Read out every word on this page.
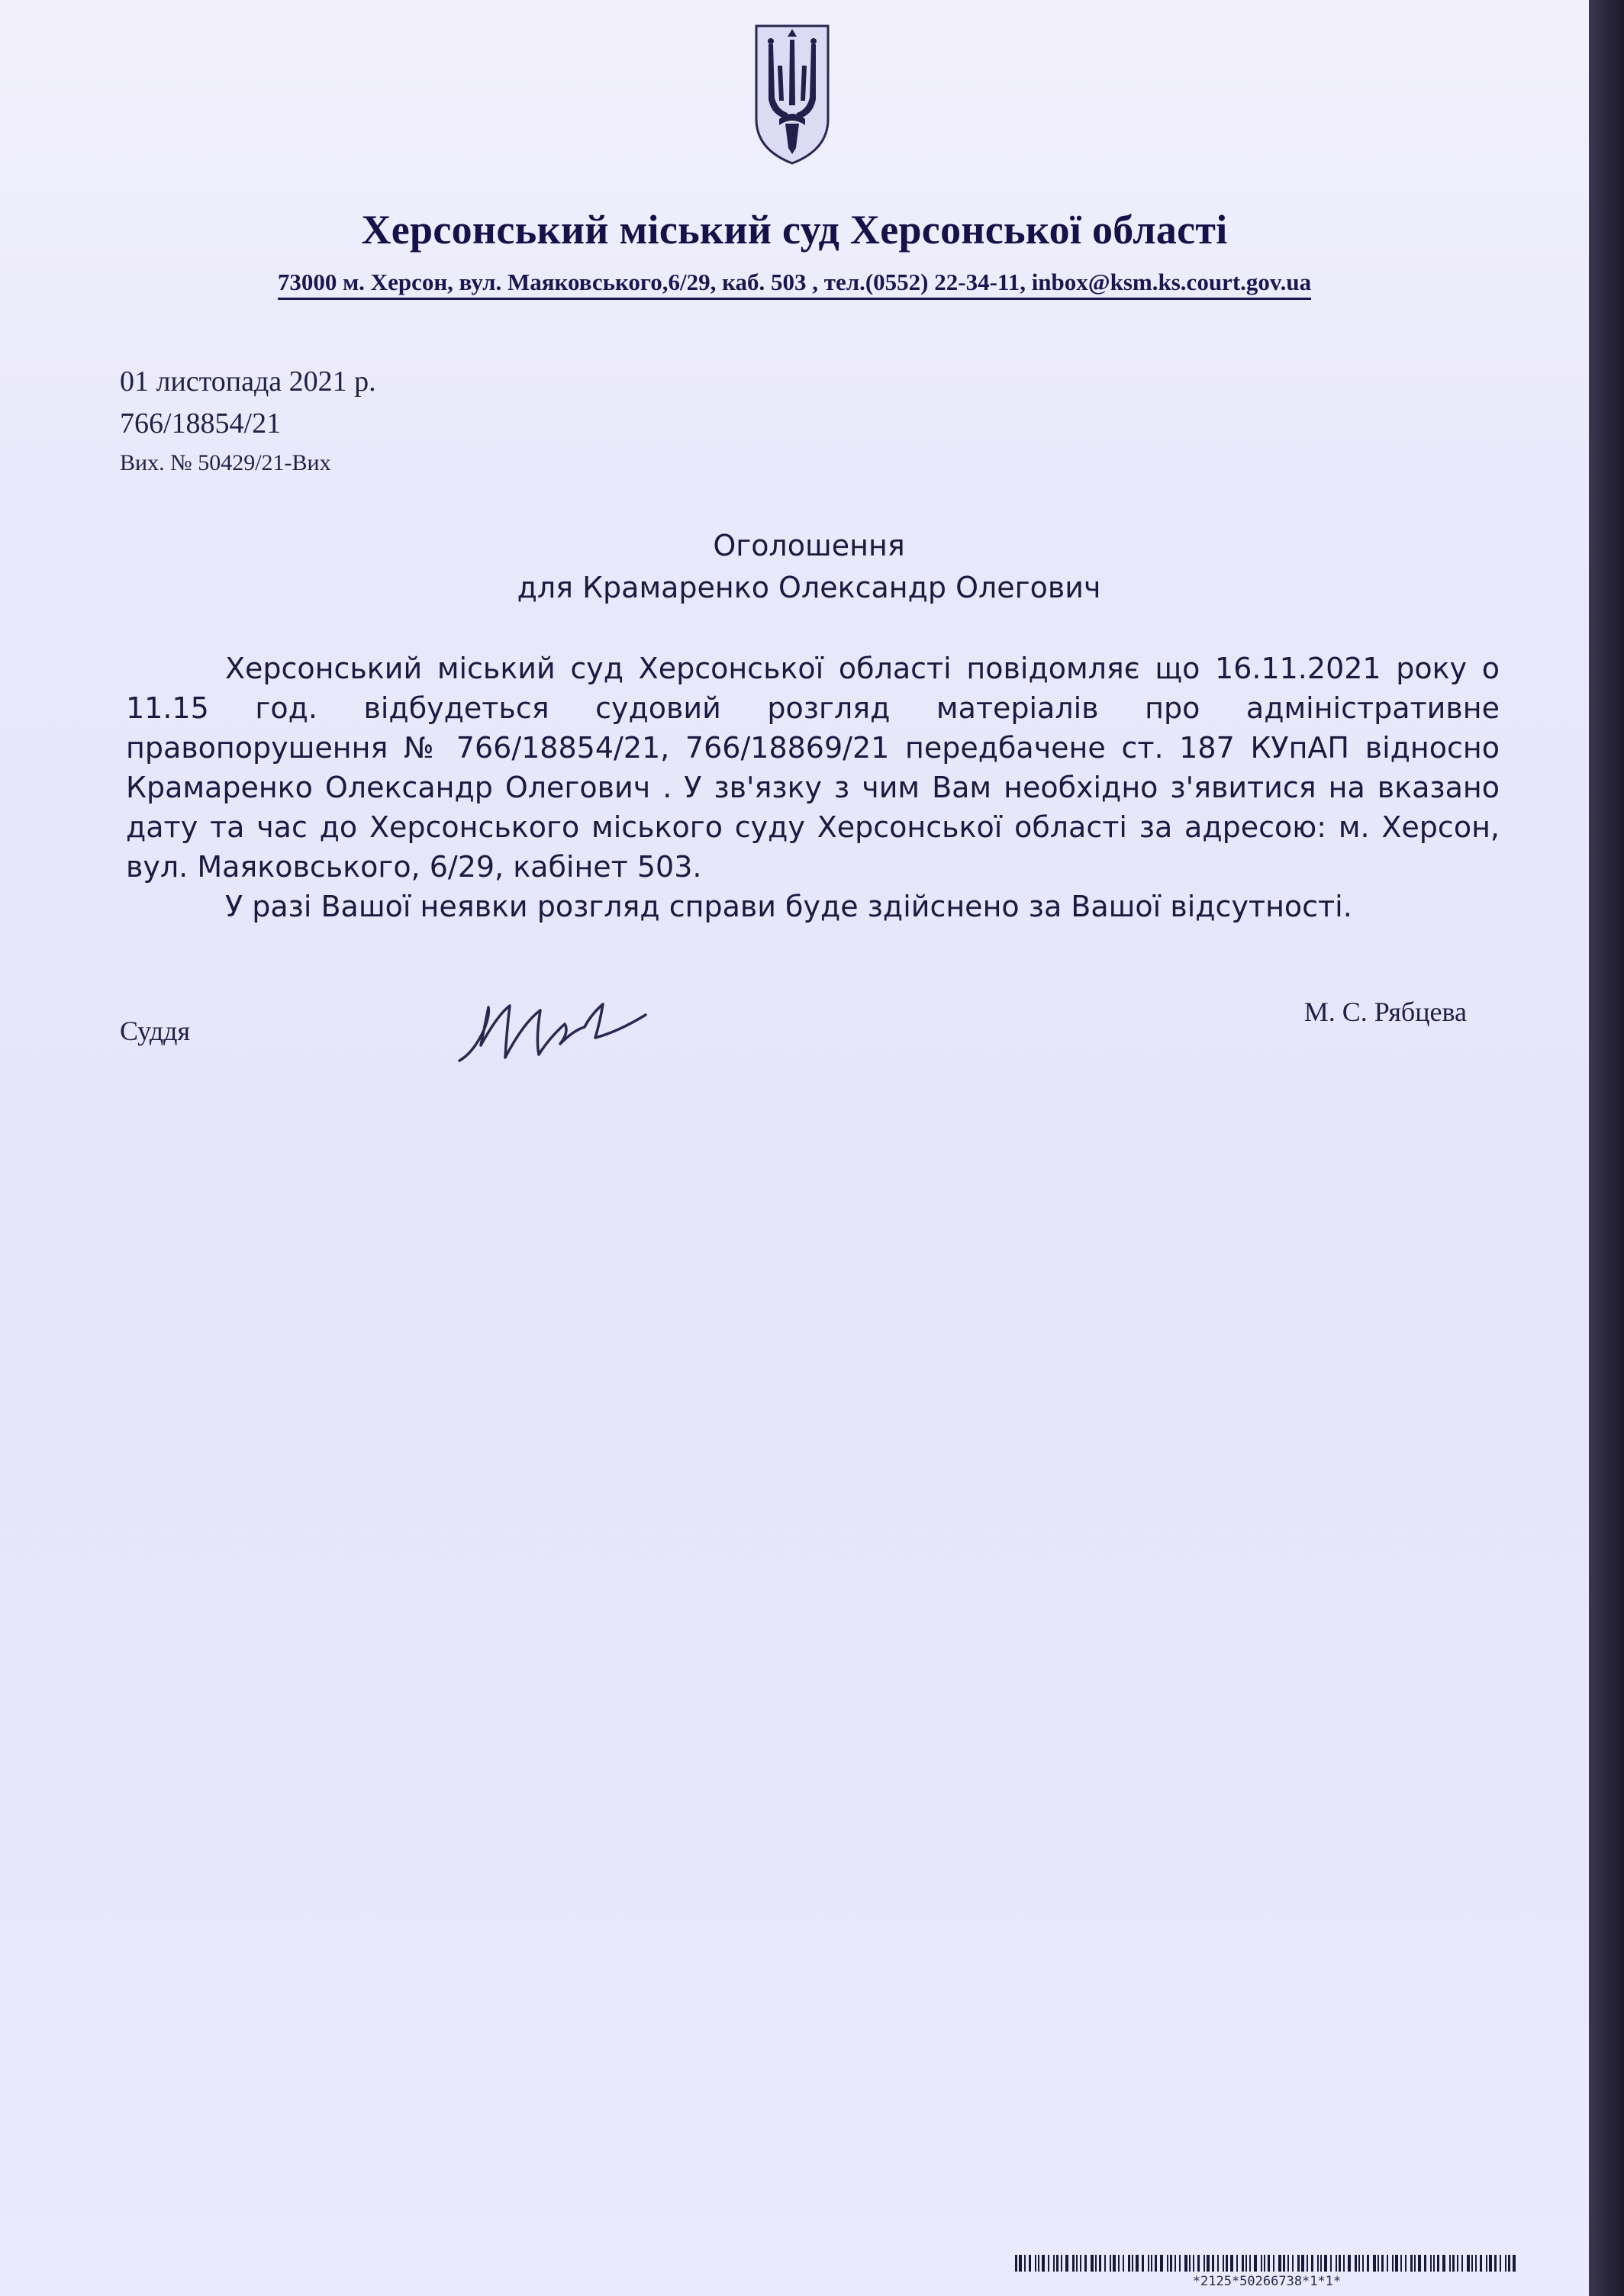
Херсонський міський суд Херсонської області
73000 м. Херсон, вул. Маяковського,6/29, каб. 503 , тел.(0552) 22-34-11, inbox@ksm.ks.court.gov.ua
01 листопада 2021 р.
766/18854/21
Вих. № 50429/21-Вих
Оголошення
для Крамаренко Олександр Олегович

Херсонський міський суд Херсонської області повідомляє що 16.11.2021 року о 11.15 год. відбудеться судовий розгляд матеріалів про адміністративне правопорушення № 766/18854/21, 766/18869/21 передбачене ст. 187 КУпАП відносно Крамаренко Олександр Олегович . У зв'язку з чим Вам необхідно з'явитися на вказано дату та час до Херсонського міського суду Херсонської області за адресою: м. Херсон, вул. Маяковського, 6/29, кабінет 503.

У разі Вашої неявки розгляд справи буде здійснено за Вашої відсутності.

Суддя
М. С. Рябцева
*2125*50266738*1*1*
